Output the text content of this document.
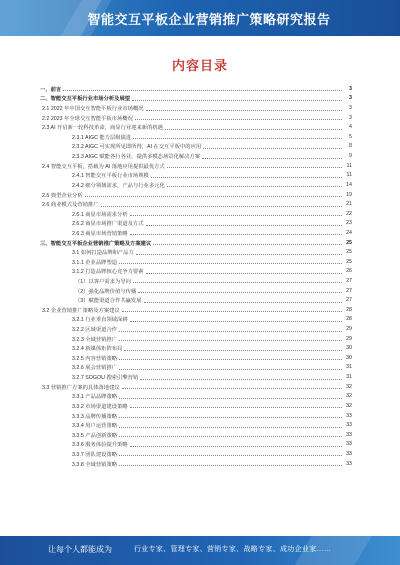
智能交互平板企业营销推广策略研究报告
内容目录
一、前言	3
二、智能交互平板行业市场分析及展望	3
2.1 2022 年中国交互智能平板行业市场概况	3
2.2 2023 年全球交互智能平板市场概况	3
2.3 AI 开启新一轮科技革命，商显行业迎来新的机遇	4
2.3.1 AIGC 能力层级演进	5
2.3.2 AIGC 可实现所见即所得，AI 在交互平板中的应用	8
2.3.3 AIGC 赋能各行各业，提供多模态场景化解决方案	9
2.4 智能交互平板，搭载为 AI 落地应用提供最优方式	11
2.4.1 智能交互平板行业市场规模	11
2.4.2 细分领域需求，产品与行业多元化	14
2.5 典型企业分析	19
2.6 商业模式及营销推广	21
2.6.1 商显市场需求分析	22
2.6.2 商显市场推广渠道及方式	23
2.6.3 商显市场营销策略	24
三、智能交互平板企业营销推广策略及方案建议	25
3.1 如何打造品牌和产品力	25
3.1.1 企业品牌塑造	25
3.1.2 打造品牌核心竞争力要素	26
（1）以客户需求为导向	27
（2）强化品牌价值与传播	27
（3）赋能渠道合作共赢发展	27
3.2 企业营销推广策略及方案建议	28
3.2.1 行业垂直领域深耕	28
3.2.2 区域渠道合作	29
3.2.3 全域营销推广	29
3.2.4 新媒体矩阵布局	30
3.2.5 内容营销策略	30
3.2.6 展会营销推广	31
3.2.7 SOGOU 搜索引擎营销	31
3.3 营销推广方案的具体落地建议	32
3.3.1 产品品牌策略	32
3.3.2 市场渠道建设策略	32
3.3.3 品牌传播策略	33
3.3.4 用户运营策略	33
3.3.5 产品创新策略	33
3.3.6 服务体验提升策略	33
3.3.7 团队建设策略	33
3.3.8 全域营销策略	33
让每个人都能成为	行业专家、管理专家、营销专家、战略专家、成功企业家……
